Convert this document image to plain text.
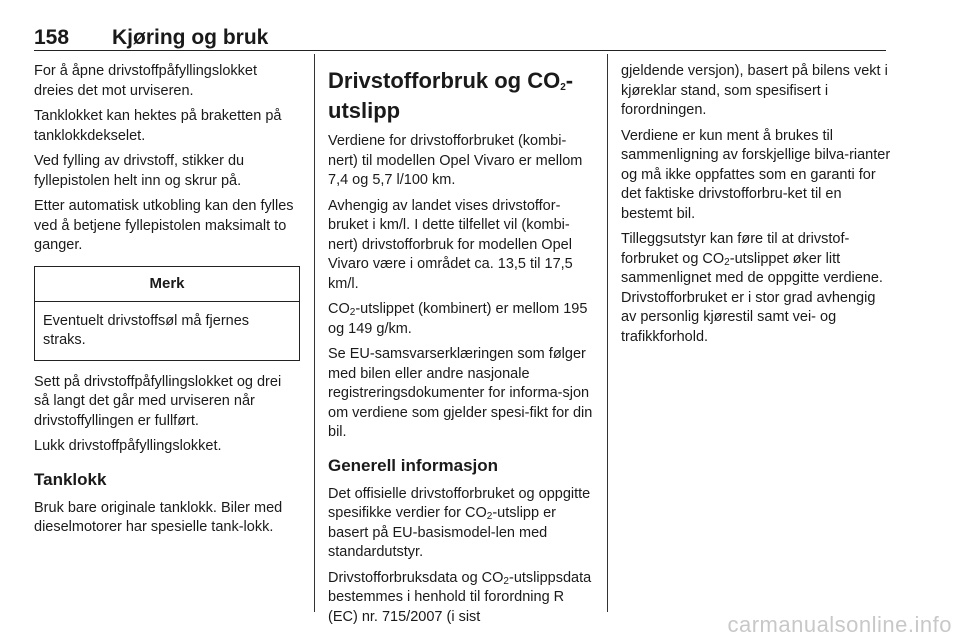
158 Kjøring og bruk

For å åpne drivstoffpåfyllingslokket dreies det mot urviseren.

Tanklokket kan hektes på braketten på tanklokkdekselet.

Ved fylling av drivstoff, stikker du fyllepistolen helt inn og skrur på.

Etter automatisk utkobling kan den fylles ved å betjene fyllepistolen maksimalt to ganger.

Merk
Eventuelt drivstoffsøl må fjernes straks.

Sett på drivstoffpåfyllingslokket og drei så langt det går med urviseren når drivstoffyllingen er fullført.

Lukk drivstoffpåfyllingslokket.

Tanklokk

Bruk bare originale tanklokk. Biler med dieselmotorer har spesielle tank-lokk.

Drivstofforbruk og $CO_2$-utslipp

Verdiene for drivstofforbruket (kombi-nert) til modellen Opel Vivaro er mellom 7,4 og 5,7 l/100 km.

Avhengig av landet vises drivstoffor-bruket i km/l. I dette tilfellet vil (kombi-nert) drivstofforbruk for modellen Opel Vivaro være i området ca. 13,5 til 17,5 km/l.

$CO_2$-utslippet (kombinert) er mellom 195 og 149 g/km.

Se EU-samsvarserklæringen som følger med bilen eller andre nasjonale registreringsdokumenter for informa-sjon om verdiene som gjelder spesi-fikt for din bil.

Generell informasjon

Det offisielle drivstofforbruket og oppgitte spesifikke verdier for $CO_2$-utslipp er basert på EU-basismodel-len med standardutstyr.

Drivstofforbruksdata og $CO_2$-utslippsdata bestemmes i henhold til forordning R (EC) nr. 715/2007 (i sist

gjeldende versjon), basert på bilens vekt i kjøreklar stand, som spesifisert i forordningen.

Verdiene er kun ment å brukes til sammenligning av forskjellige bilva-rianter og må ikke oppfattes som en garanti for det faktiske drivstofforbru-ket til en bestemt bil.

Tilleggsutstyr kan føre til at drivstof-forbruket og $CO_2$-utslippet øker litt sammenlignet med de oppgitte verdiene. Drivstofforbruket er i stor grad avhengig av personlig kjørestil samt vei- og trafikkforhold.

carmanualsonline.info
